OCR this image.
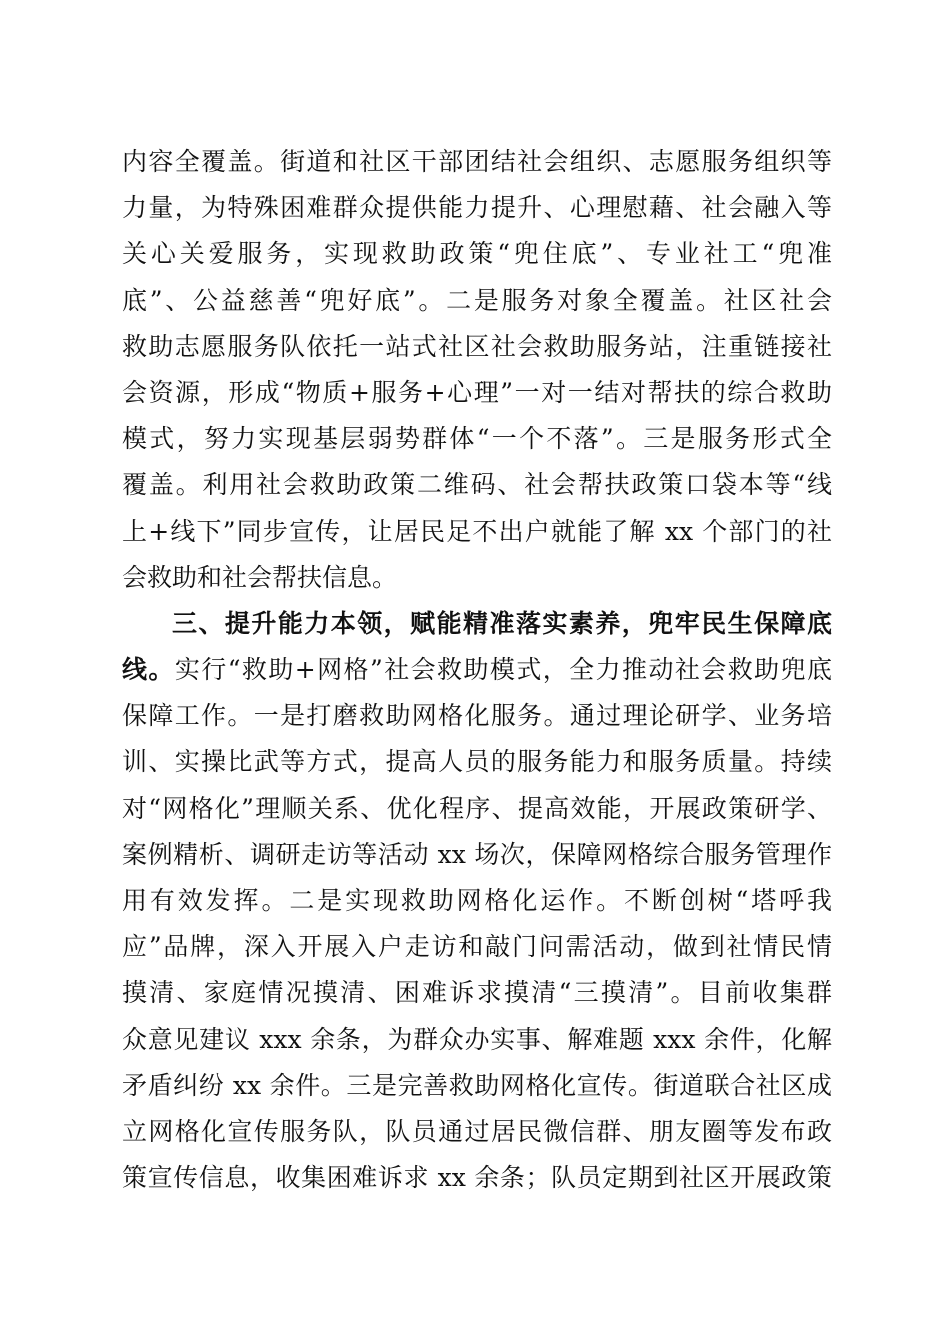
内容全覆盖。街道和社区干部团结社会组织、志愿服务组织等
力量，为特殊困难群众提供能力提升、心理慰藉、社会融入等
关心关爱服务，实现救助政策“兜住底”、专业社工“兜准
底”、公益慈善“兜好底”。二是服务对象全覆盖。社区社会
救助志愿服务队依托一站式社区社会救助服务站，注重链接社
会资源，形成“物质+服务+心理”一对一结对帮扶的综合救助
模式，努力实现基层弱势群体“一个不落”。三是服务形式全
覆盖。利用社会救助政策二维码、社会帮扶政策口袋本等“线
上+线下”同步宣传，让居民足不出户就能了解 xx 个部门的社
会救助和社会帮扶信息。
三、提升能力本领，赋能精准落实素养，兜牢民生保障底
线。实行“救助+网格”社会救助模式，全力推动社会救助兜底
保障工作。一是打磨救助网格化服务。通过理论研学、业务培
训、实操比武等方式，提高人员的服务能力和服务质量。持续
对“网格化”理顺关系、优化程序、提高效能，开展政策研学、
案例精析、调研走访等活动 xx 场次，保障网格综合服务管理作
用有效发挥。二是实现救助网格化运作。不断创树“塔呼我
应”品牌，深入开展入户走访和敲门问需活动，做到社情民情
摸清、家庭情况摸清、困难诉求摸清“三摸清”。目前收集群
众意见建议 xxx 余条，为群众办实事、解难题 xxx 余件，化解
矛盾纠纷 xx 余件。三是完善救助网格化宣传。街道联合社区成
立网格化宣传服务队，队员通过居民微信群、朋友圈等发布政
策宣传信息，收集困难诉求 xx 余条；队员定期到社区开展政策
